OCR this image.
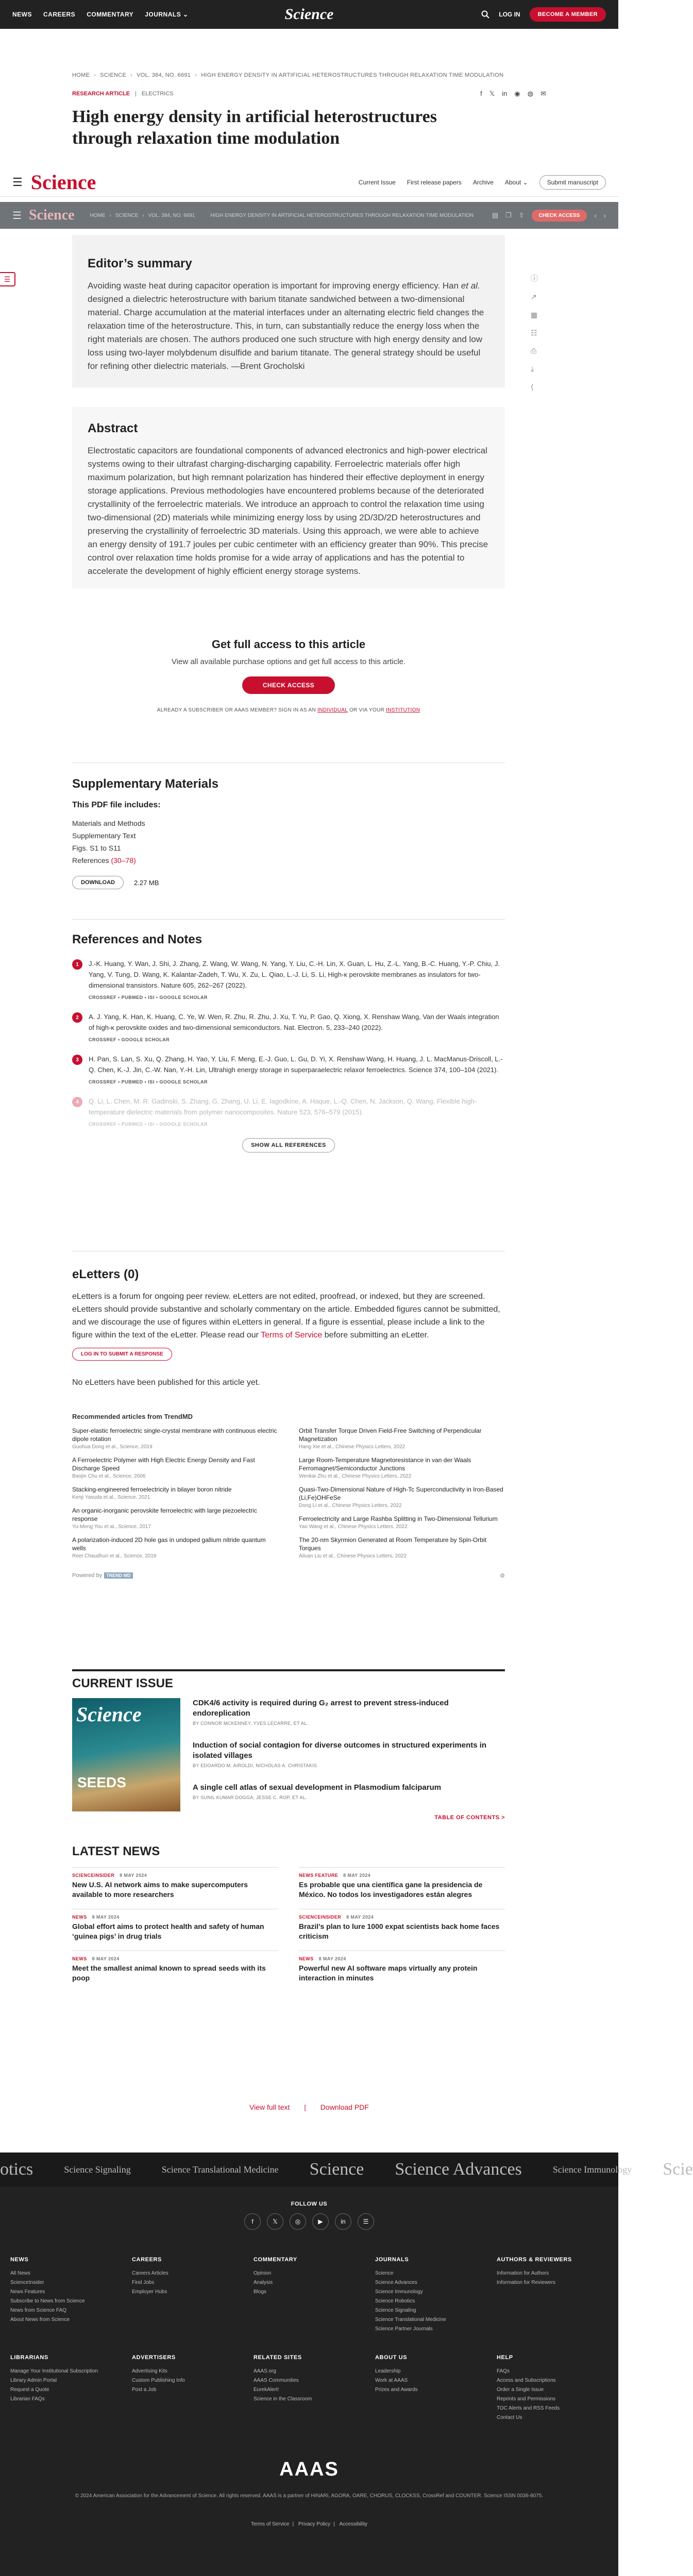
NEWS CAREERS COMMENTARY JOURNALS ⌄	Science	LOG IN	BECOME A MEMBER
HOME › SCIENCE › VOL. 384, NO. 6691 › HIGH ENERGY DENSITY IN ARTIFICIAL HETEROSTRUCTURES THROUGH RELAXATION TIME MODULATION
RESEARCH ARTICLE | ELECTRICS	f 𝕏 in ◉ ◍ ✉
High energy density in artificial heterostructures through relaxation time modulation
☰ Science	Current Issue First release papers Archive About ⌄	Submit manuscript
☰ Science	HOME › SCIENCE › VOL. 384, NO. 6691	HIGH ENERGY DENSITY IN ARTIFICIAL HETEROSTRUCTURES THROUGH RELAXATION TIME MODULATION	▤ ❐ ⇪	CHECK ACCESS	‹ ›
☰	ⓘ
↗
▦
☷
⎙
⤓
⟨
Editor’s summary

Avoiding waste heat during capacitor operation is important for improving energy efficiency. Han et al. designed a dielectric heterostructure with barium titanate sandwiched between a two-dimensional material. Charge accumulation at the material interfaces under an alternating electric field changes the relaxation time of the heterostructure. This, in turn, can substantially reduce the energy loss when the right materials are chosen. The authors produced one such structure with high energy density and low loss using two-layer molybdenum disulfide and barium titanate. The general strategy should be useful for refining other dielectric materials. —Brent Grocholski

Abstract

Electrostatic capacitors are foundational components of advanced electronics and high-power electrical systems owing to their ultrafast charging-discharging capability. Ferroelectric materials offer high maximum polarization, but high remnant polarization has hindered their effective deployment in energy storage applications. Previous methodologies have encountered problems because of the deteriorated crystallinity of the ferroelectric materials. We introduce an approach to control the relaxation time using two-dimensional (2D) materials while minimizing energy loss by using 2D/3D/2D heterostructures and preserving the crystallinity of ferroelectric 3D materials. Using this approach, we were able to achieve an energy density of 191.7 joules per cubic centimeter with an efficiency greater than 90%. This precise control over relaxation time holds promise for a wide array of applications and has the potential to accelerate the development of highly efficient energy storage systems.

Get full access to this article

View all available purchase options and get full access to this article.

CHECK ACCESS

ALREADY A SUBSCRIBER OR AAAS MEMBER? SIGN IN AS AN INDIVIDUAL OR VIA YOUR INSTITUTION

Supplementary Materials

This PDF file includes:

Materials and Methods
Supplementary Text
Figs. S1 to S11
References (30–78)
DOWNLOAD	2.27 MB
References and Notes
1	J.-K. Huang, Y. Wan, J. Shi, J. Zhang, Z. Wang, W. Wang, N. Yang, Y. Liu, C.-H. Lin, X. Guan, L. Hu, Z.-L. Yang, B.-C. Huang, Y.-P. Chiu, J. Yang, V. Tung, D. Wang, K. Kalantar-Zadeh, T. Wu, X. Zu, L. Qiao, L.-J. Li, S. Li, High-κ perovskite membranes as insulators for two-dimensional transistors. Nature 605, 262–267 (2022).
CROSSREF • PUBMED • ISI • GOOGLE SCHOLAR
2	A. J. Yang, K. Han, K. Huang, C. Ye, W. Wen, R. Zhu, R. Zhu, J. Xu, T. Yu, P. Gao, Q. Xiong, X. Renshaw Wang, Van der Waals integration of high-κ perovskite oxides and two-dimensional semiconductors. Nat. Electron. 5, 233–240 (2022).
CROSSREF • GOOGLE SCHOLAR
3	H. Pan, S. Lan, S. Xu, Q. Zhang, H. Yao, Y. Liu, F. Meng, E.-J. Guo, L. Gu, D. Yi, X. Renshaw Wang, H. Huang, J. L. MacManus-Driscoll, L.-Q. Chen, K.-J. Jin, C.-W. Nan, Y.-H. Lin, Ultrahigh energy storage in superparaelectric relaxor ferroelectrics. Science 374, 100–104 (2021).
CROSSREF • PUBMED • ISI • GOOGLE SCHOLAR
4	Q. Li, L. Chen, M. R. Gadinski, S. Zhang, G. Zhang, U. Li, E. Iagodkine, A. Haque, L.-Q. Chen, N. Jackson, Q. Wang, Flexible high-temperature dielectric materials from polymer nanocomposites. Nature 523, 576–579 (2015).
CROSSREF • PUBMED • ISI • GOOGLE SCHOLAR
SHOW ALL REFERENCES
eLetters (0)

eLetters is a forum for ongoing peer review. eLetters are not edited, proofread, or indexed, but they are screened. eLetters should provide substantive and scholarly commentary on the article. Embedded figures cannot be submitted, and we discourage the use of figures within eLetters in general. If a figure is essential, please include a link to the figure within the text of the eLetter. Please read our Terms of Service before submitting an eLetter.

LOG IN TO SUBMIT A RESPONSE

No eLetters have been published for this article yet.

Recommended articles from TrendMD
Super-elastic ferroelectric single-crystal membrane with continuous electric dipole rotation
Guohua Dong et al., Science, 2019
A Ferroelectric Polymer with High Electric Energy Density and Fast Discharge Speed
Baojin Chu et al., Science, 2006
Stacking-engineered ferroelectricity in bilayer boron nitride
Kenji Yasuda et al., Science, 2021
An organic-inorganic perovskite ferroelectric with large piezoelectric response
Yu-Meng You et al., Science, 2017
A polarization-induced 2D hole gas in undoped gallium nitride quantum wells
Reet Chaudhuri et al., Science, 2019
Orbit Transfer Torque Driven Field-Free Switching of Perpendicular Magnetization
Hang Xie et al., Chinese Physics Letters, 2022
Large Room-Temperature Magnetoresistance in van der Waals Ferromagnet/Semiconductor Junctions
Wenkai Zhu et al., Chinese Physics Letters, 2022
Quasi-Two-Dimensional Nature of High-Tc Superconductivity in Iron-Based (Li,Fe)OHFeSe
Dong Li et al., Chinese Physics Letters, 2022
Ferroelectricity and Large Rashba Splitting in Two-Dimensional Tellurium
Yao Wang et al., Chinese Physics Letters, 2022
The 20-nm Skyrmion Generated at Room Temperature by Spin-Orbit Torques
Ailuan Liu et al., Chinese Physics Letters, 2022
Powered by TREND MD	⚙
CURRENT ISSUE
Science
SEEDS
CDK4/6 activity is required during G₂ arrest to prevent stress-induced endoreplication
BY CONNOR MCKENNEY, YVES LECARRE, ET AL.
Induction of social contagion for diverse outcomes in structured experiments in isolated villages
BY EDOARDO M. AIROLDI, NICHOLAS A. CHRISTAKIS
A single cell atlas of sexual development in Plasmodium falciparum
BY SUNIL KUMAR DOGGA, JESSE C. ROP, ET AL.
TABLE OF CONTENTS >
LATEST NEWS
SCIENCEINSIDER 8 MAY 2024
New U.S. AI network aims to make supercomputers available to more researchers
NEWS FEATURE 8 MAY 2024
Es probable que una científica gane la presidencia de México. No todos los investigadores están alegres
NEWS 8 MAY 2024
Global effort aims to protect health and safety of human ‘guinea pigs’ in drug trials
SCIENCEINSIDER 8 MAY 2024
Brazil’s plan to lure 1000 expat scientists back home faces criticism
NEWS 8 MAY 2024
Meet the smallest animal known to spread seeds with its poop
NEWS 8 MAY 2024
Powerful new AI software maps virtually any protein interaction in minutes
View full text | Download PDF
otics	Science Signaling	Science Translational Medicine Science Science Advances	Science Immunology Scie
FOLLOW US
f	𝕏	◎	▶	in	☰
NEWS
All News
ScienceInsider
News Features
Subscribe to News from Science
News from Science FAQ
About News from Science
CAREERS
Careers Articles
Find Jobs
Employer Hubs
COMMENTARY
Opinion
Analysis
Blogs
JOURNALS
Science
Science Advances
Science Immunology
Science Robotics
Science Signaling
Science Translational Medicine
Science Partner Journals
AUTHORS & REVIEWERS
Information for Authors
Information for Reviewers
LIBRARIANS
Manage Your Institutional Subscription
Library Admin Portal
Request a Quote
Librarian FAQs
ADVERTISERS
Advertising Kits
Custom Publishing Info
Post a Job
RELATED SITES
AAAS.org
AAAS Communities
EurekAlert!
Science in the Classroom
ABOUT US
Leadership
Work at AAAS
Prizes and Awards
HELP
FAQs
Access and Subscriptions
Order a Single Issue
Reprints and Permissions
TOC Alerts and RSS Feeds
Contact Us
AAAS
© 2024 American Association for the Advancement of Science. All rights reserved. AAAS is a partner of HINARI, AGORA, OARE, CHORUS, CLOCKSS, CrossRef and COUNTER. Science ISSN 0036-8075.
Terms of Service | Privacy Policy | Accessibility
